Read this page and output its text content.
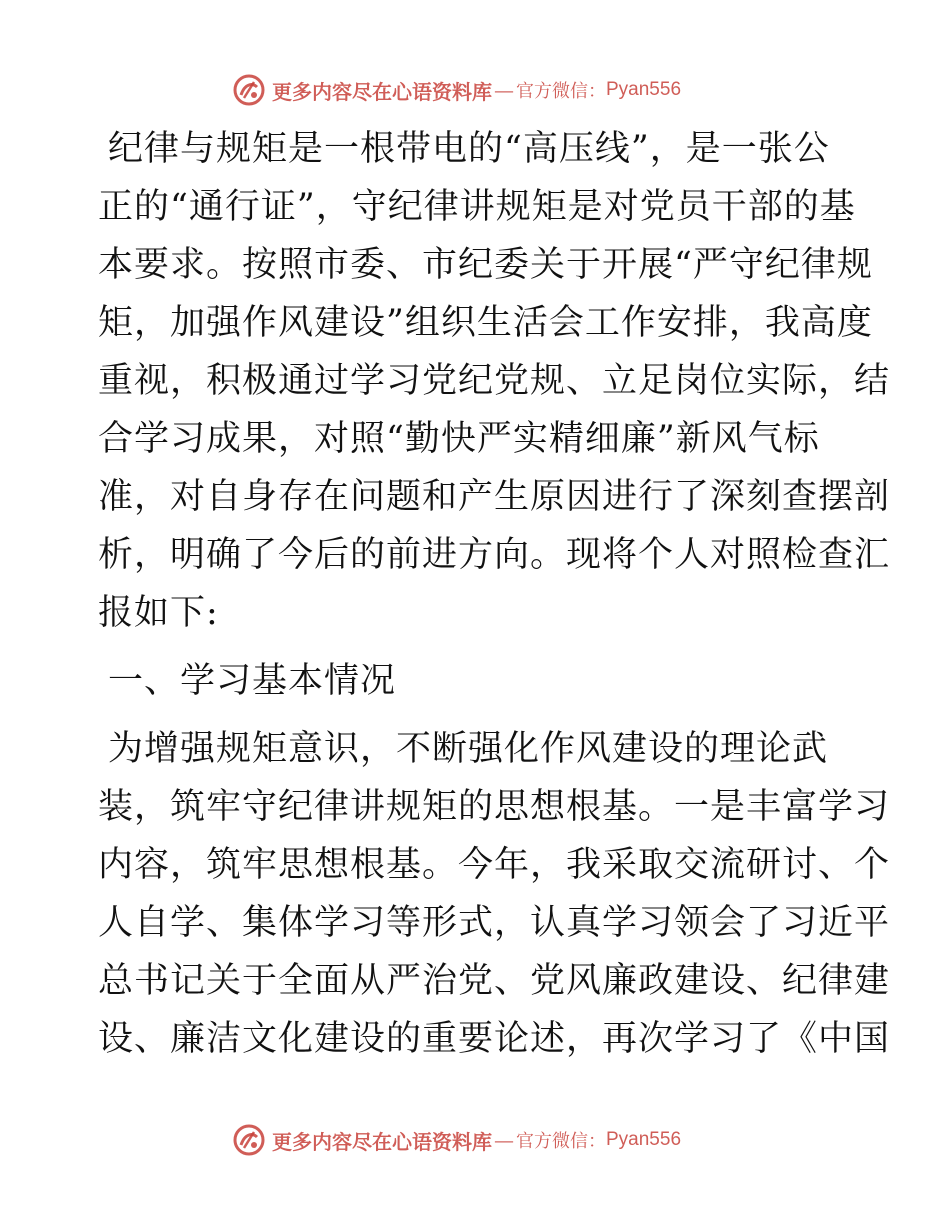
更多内容尽在心语资料库 — 官方微信： Pyan556
纪律与规矩是一根带电的“高压线”，是一张公
正的“通行证”，守纪律讲规矩是对党员干部的基
本要求。按照市委、市纪委关于开展“严守纪律规
矩，加强作风建设”组织生活会工作安排，我高度
重视，积极通过学习党纪党规、立足岗位实际，结
合学习成果，对照“勤快严实精细廉”新风气标
准，对自身存在问题和产生原因进行了深刻查摆剖
析，明确了今后的前进方向。现将个人对照检查汇
报如下:
一、学习基本情况
为增强规矩意识，不断强化作风建设的理论武
装，筑牢守纪律讲规矩的思想根基。一是丰富学习
内容，筑牢思想根基。今年，我采取交流研讨、个
人自学、集体学习等形式，认真学习领会了习近平
总书记关于全面从严治党、党风廉政建设、纪律建
设、廉洁文化建设的重要论述，再次学习了《中国
更多内容尽在心语资料库 — 官方微信： Pyan556
